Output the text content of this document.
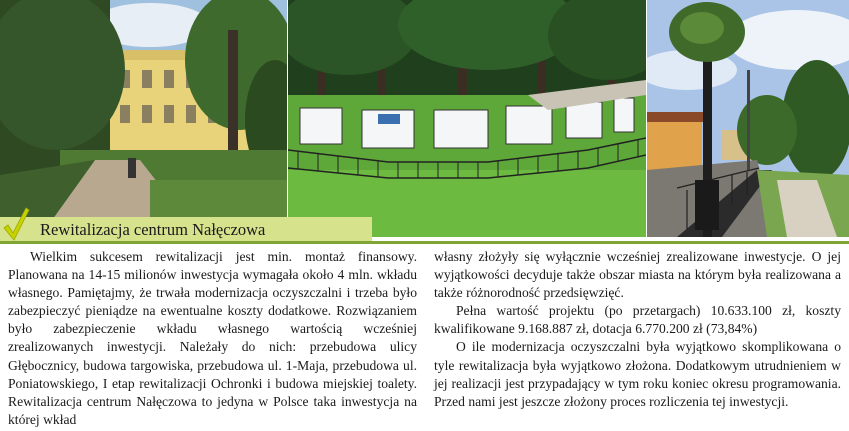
Rewitalizacja centrum Nałęczowa

Wielkim sukcesem rewitalizacji jest min. montaż finansowy. Planowana na 14-15 milionów inwestycja wymagała około 4 mln. wkładu własnego. Pamiętajmy, że trwała modernizacja oczyszczalni i trzeba było zabezpieczyć pieniądze na ewentualne koszty dodatkowe. Rozwiązaniem było zabezpieczenie wkładu własnego wartością wcześniej zrealizowanych inwestycji. Należały do nich: przebudowa ulicy Głębocznicy, budowa targowiska, przebudowa ul. 1-Maja, przebudowa ul. Poniatowskiego, I etap rewitalizacji Ochronki i budowa miejskiej toalety. Rewitalizacja centrum Nałęczowa to jedyna w Polsce taka inwestycja na której wkład

własny złożyły się wyłącznie wcześniej zrealizowane inwestycje. O jej wyjątkowości decyduje także obszar miasta na którym była realizowana a także różnorodność przedsięwzięć.

Pełna wartość projektu (po przetargach) 10.633.100 zł, koszty kwalifikowane 9.168.887 zł, dotacja 6.770.200 zł (73,84%)

O ile modernizacja oczyszczalni była wyjątkowo skomplikowana o tyle rewitalizacja była wyjątkowo złożona. Dodatkowym utrudnieniem w jej realizacji jest przypadający w tym roku koniec okresu programowania. Przed nami jest jeszcze złożony proces rozliczenia tej inwestycji.
